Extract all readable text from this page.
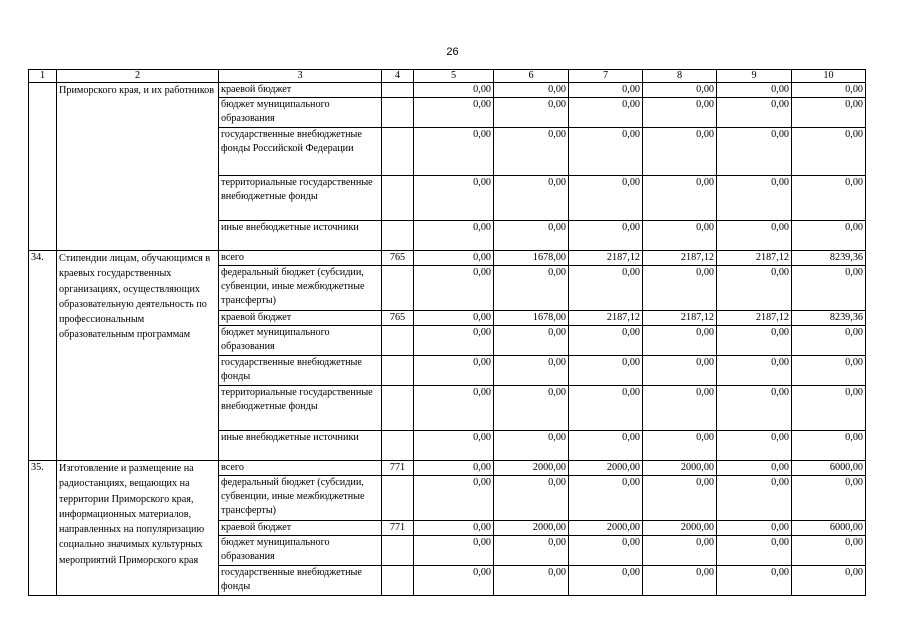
26
1	2	3	4	5	6	7	8	9	10
	Приморского края, и их работников	краевой бюджет		0,00	0,00	0,00	0,00	0,00	0,00
		бюджет муниципального образования		0,00	0,00	0,00	0,00	0,00	0,00
		государственные внебюджетные фонды Российской Федерации		0,00	0,00	0,00	0,00	0,00	0,00
		территориальные государственные внебюджетные фонды		0,00	0,00	0,00	0,00	0,00	0,00
		иные внебюджетные источники		0,00	0,00	0,00	0,00	0,00	0,00
34.	Стипендии лицам, обучающимся в краевых государственных организациях, осуществляющих образовательную деятельность по профессиональным образовательным программам	всего	765	0,00	1678,00	2187,12	2187,12	2187,12	8239,36
		федеральный бюджет (субсидии, субвенции, иные межбюджетные трансферты)		0,00	0,00	0,00	0,00	0,00	0,00
		краевой бюджет	765	0,00	1678,00	2187,12	2187,12	2187,12	8239,36
		бюджет муниципального образования		0,00	0,00	0,00	0,00	0,00	0,00
		государственные внебюджетные фонды		0,00	0,00	0,00	0,00	0,00	0,00
		территориальные государственные внебюджетные фонды		0,00	0,00	0,00	0,00	0,00	0,00
		иные внебюджетные источники		0,00	0,00	0,00	0,00	0,00	0,00
35.	Изготовление и размещение на радиостанциях, вещающих на территории Приморского края, информационных материалов, направленных на популяризацию социально значимых культурных мероприятий Приморского края	всего	771	0,00	2000,00	2000,00	2000,00	0,00	6000,00
		федеральный бюджет (субсидии, субвенции, иные межбюджетные трансферты)		0,00	0,00	0,00	0,00	0,00	0,00
		краевой бюджет	771	0,00	2000,00	2000,00	2000,00	0,00	6000,00
		бюджет муниципального образования		0,00	0,00	0,00	0,00	0,00	0,00
		государственные внебюджетные фонды		0,00	0,00	0,00	0,00	0,00	0,00
